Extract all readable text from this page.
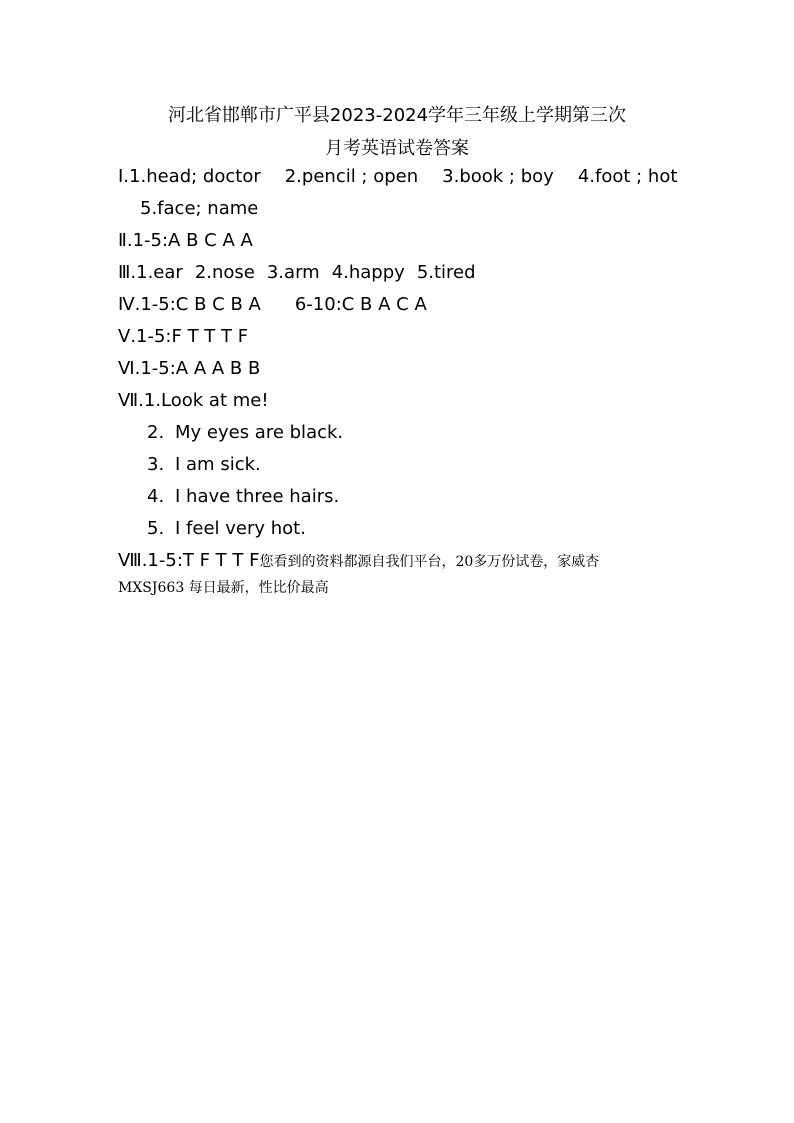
河北省邯郸市广平县2023-2024学年三年级上学期第三次
月考英语试卷答案
Ⅰ.1.head; doctor 2.pencil ; open 3.book ; boy 4.foot ; hot
5.face; name
Ⅱ.1-5:A B C A A
Ⅲ.1.ear 2.nose 3.arm 4.happy 5.tired
Ⅳ.1-5:C B C B A 6-10:C B A C A
Ⅴ.1-5:F T T T F
Ⅵ.1-5:A A A B B
Ⅶ.1.Look at me!
2. My eyes are black.
3. I am sick.
4. I have three hairs.
5. I feel very hot.
Ⅷ.1-5:T F T T F您看到的资料都源自我们平台，20多万份试卷，家威杏
MXSJ663 每日最新，性比价最高
